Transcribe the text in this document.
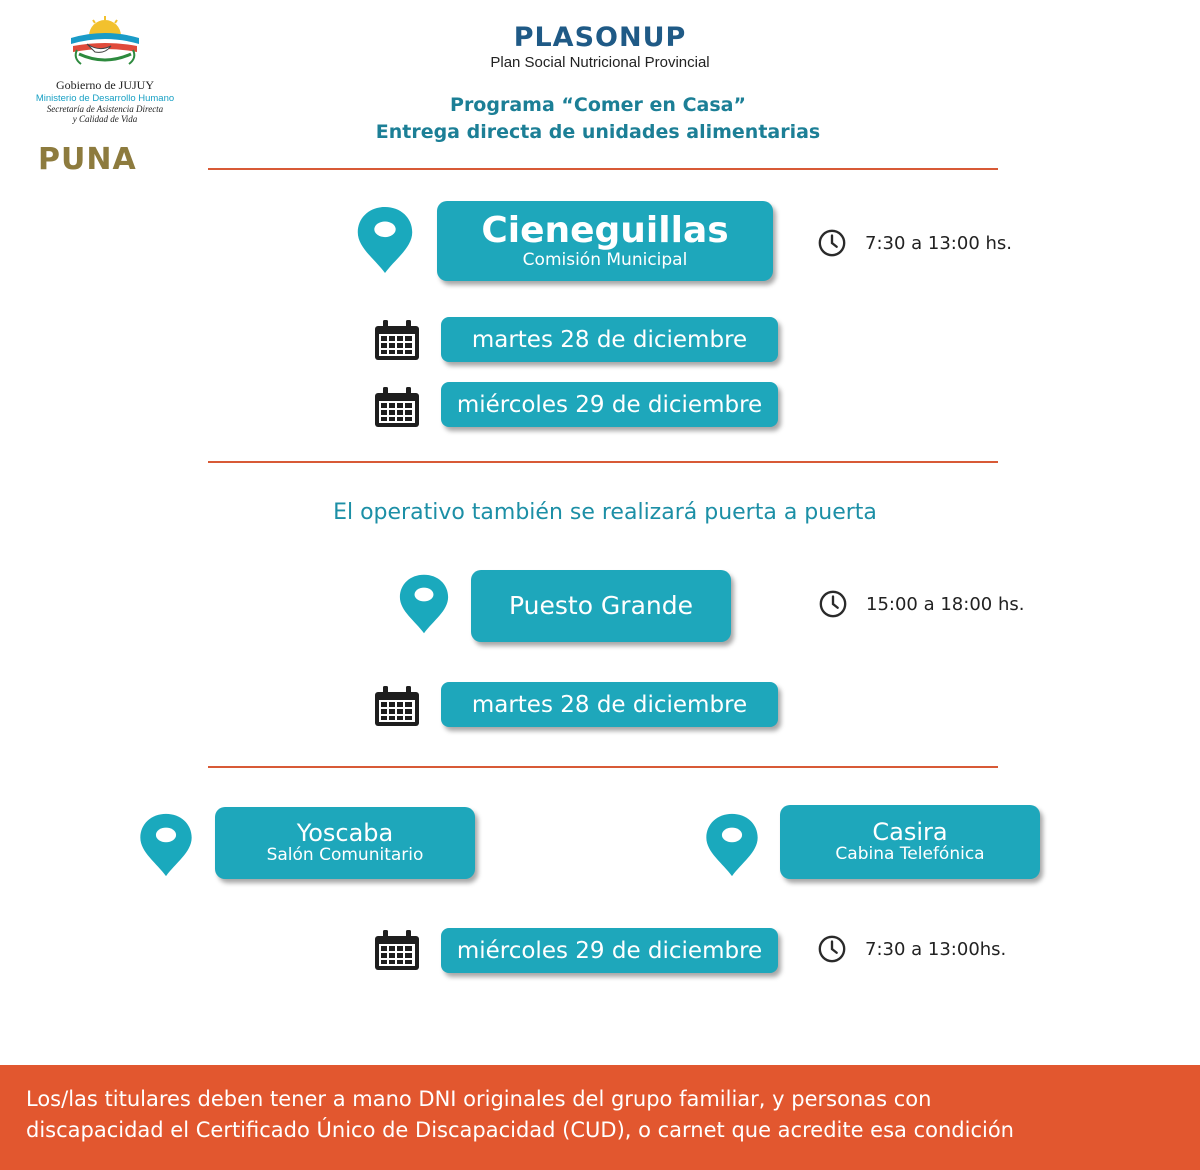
Gobierno de JUJUY
Ministerio de Desarrollo Humano
Secretaría de Asistencia Directa
y Calidad de Vida
PUNA
PLASONUP
Plan Social Nutricional Provincial
Programa “Comer en Casa”
Entrega directa de unidades alimentarias
Cieneguillas
Comisión Municipal
7:30 a 13:00 hs.
martes 28 de diciembre
miércoles 29 de diciembre
El operativo también se realizará puerta a puerta
Puesto Grande	15:00 a 18:00 hs.
martes 28 de diciembre
Yoscaba
Salón Comunitario
Casira
Cabina Telefónica
miércoles 29 de diciembre	7:30 a 13:00hs.
Los/las titulares deben tener a mano DNI originales del grupo familiar, y personas con
discapacidad el Certificado Único de Discapacidad (CUD), o carnet que acredite esa condición
